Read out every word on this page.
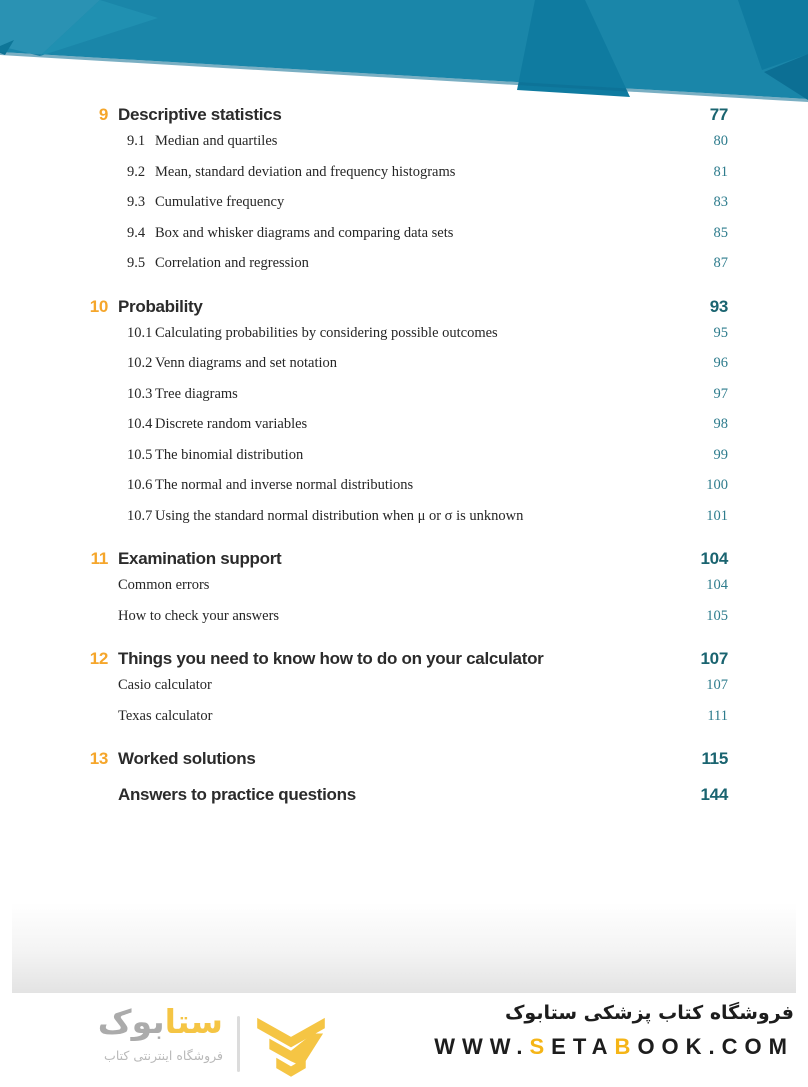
9 Descriptive statistics	77
9.1 Median and quartiles	80
9.2 Mean, standard deviation and frequency histograms	81
9.3 Cumulative frequency	83
9.4 Box and whisker diagrams and comparing data sets	85
9.5 Correlation and regression	87
10 Probability	93
10.1 Calculating probabilities by considering possible outcomes	95
10.2 Venn diagrams and set notation	96
10.3 Tree diagrams	97
10.4 Discrete random variables	98
10.5 The binomial distribution	99
10.6 The normal and inverse normal distributions	100
10.7 Using the standard normal distribution when μ or σ is unknown	101
11 Examination support	104
Common errors	104
How to check your answers	105
12 Things you need to know how to do on your calculator	107
Casio calculator	107
Texas calculator	111
13 Worked solutions	115
Answers to practice questions	144
ستابوک
فروشگاه اینترنتی کتاب
فروشگاه کتاب پزشکی ستابوک
WWW.SETABOOK.COM
